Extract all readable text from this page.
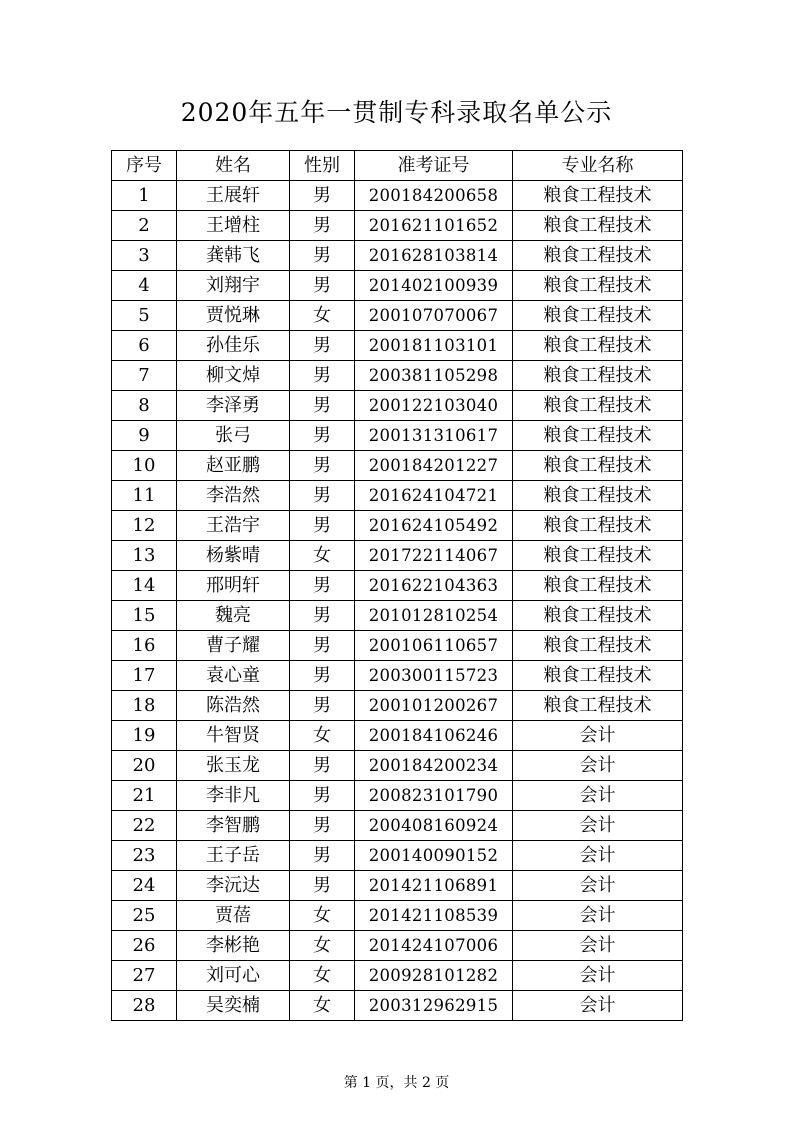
2020年五年一贯制专科录取名单公示
序号	姓名	性别	准考证号	专业名称
1	王展轩	男	200184200658	粮食工程技术
2	王增柱	男	201621101652	粮食工程技术
3	龚韩飞	男	201628103814	粮食工程技术
4	刘翔宇	男	201402100939	粮食工程技术
5	贾悦琳	女	200107070067	粮食工程技术
6	孙佳乐	男	200181103101	粮食工程技术
7	柳文焯	男	200381105298	粮食工程技术
8	李泽勇	男	200122103040	粮食工程技术
9	张弓	男	200131310617	粮食工程技术
10	赵亚鹏	男	200184201227	粮食工程技术
11	李浩然	男	201624104721	粮食工程技术
12	王浩宇	男	201624105492	粮食工程技术
13	杨紫晴	女	201722114067	粮食工程技术
14	邢明轩	男	201622104363	粮食工程技术
15	魏亮	男	201012810254	粮食工程技术
16	曹子耀	男	200106110657	粮食工程技术
17	袁心童	男	200300115723	粮食工程技术
18	陈浩然	男	200101200267	粮食工程技术
19	牛智贤	女	200184106246	会计
20	张玉龙	男	200184200234	会计
21	李非凡	男	200823101790	会计
22	李智鹏	男	200408160924	会计
23	王子岳	男	200140090152	会计
24	李沅达	男	201421106891	会计
25	贾蓓	女	201421108539	会计
26	李彬艳	女	201424107006	会计
27	刘可心	女	200928101282	会计
28	吴奕楠	女	200312962915	会计
第 1 页，共 2 页
